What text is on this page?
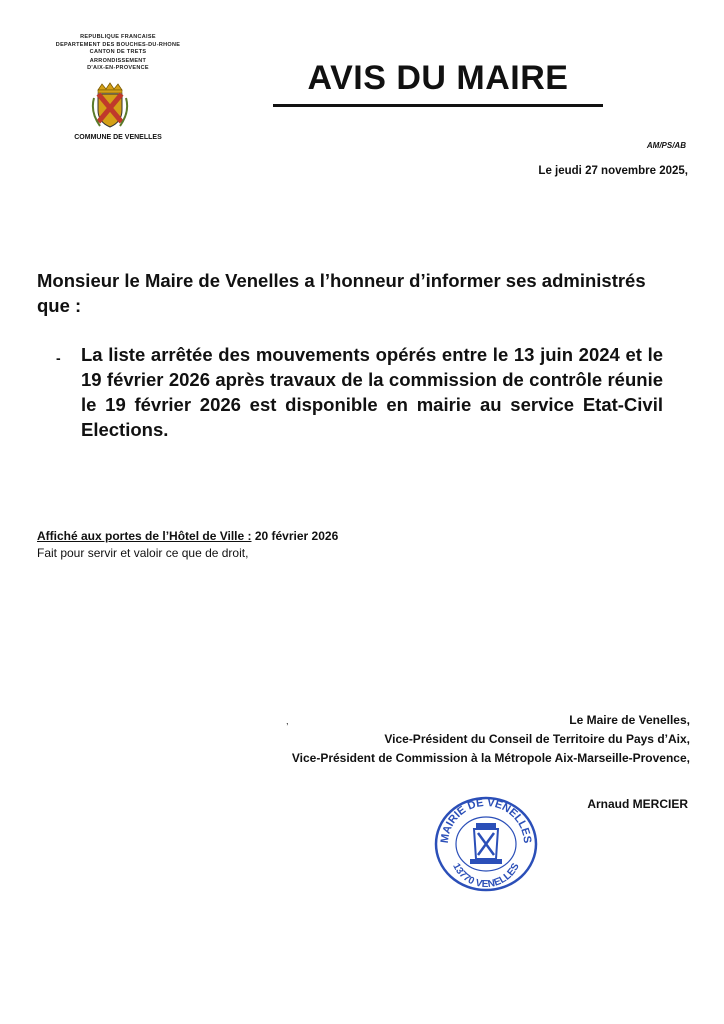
REPUBLIQUE FRANCAISE
DEPARTEMENT DES BOUCHES-DU-RHONE
CANTON DE TRETS
ARRONDISSEMENT
D'AIX-EN-PROVENCE
COMMUNE DE VENELLES
AVIS DU MAIRE
AM/PS/AB
Le jeudi 27 novembre 2025,
Monsieur le Maire de Venelles a l’honneur d’informer ses administrés que :
- La liste arrêtée des mouvements opérés entre le 13 juin 2024 et le 19 février 2026 après travaux de la commission de contrôle réunie le 19 février 2026 est disponible en mairie au service Etat-Civil Elections.
Affiché aux portes de l’Hôtel de Ville : 20 février 2026
Fait pour servir et valoir ce que de droit,
,	Le Maire de Venelles,
Vice-Président du Conseil de Territoire du Pays d’Aix,
Vice-Président de Commission à la Métropole Aix-Marseille-Provence,
Arnaud MERCIER
MAIRIE DE VENELLES
13770 VENELLES
